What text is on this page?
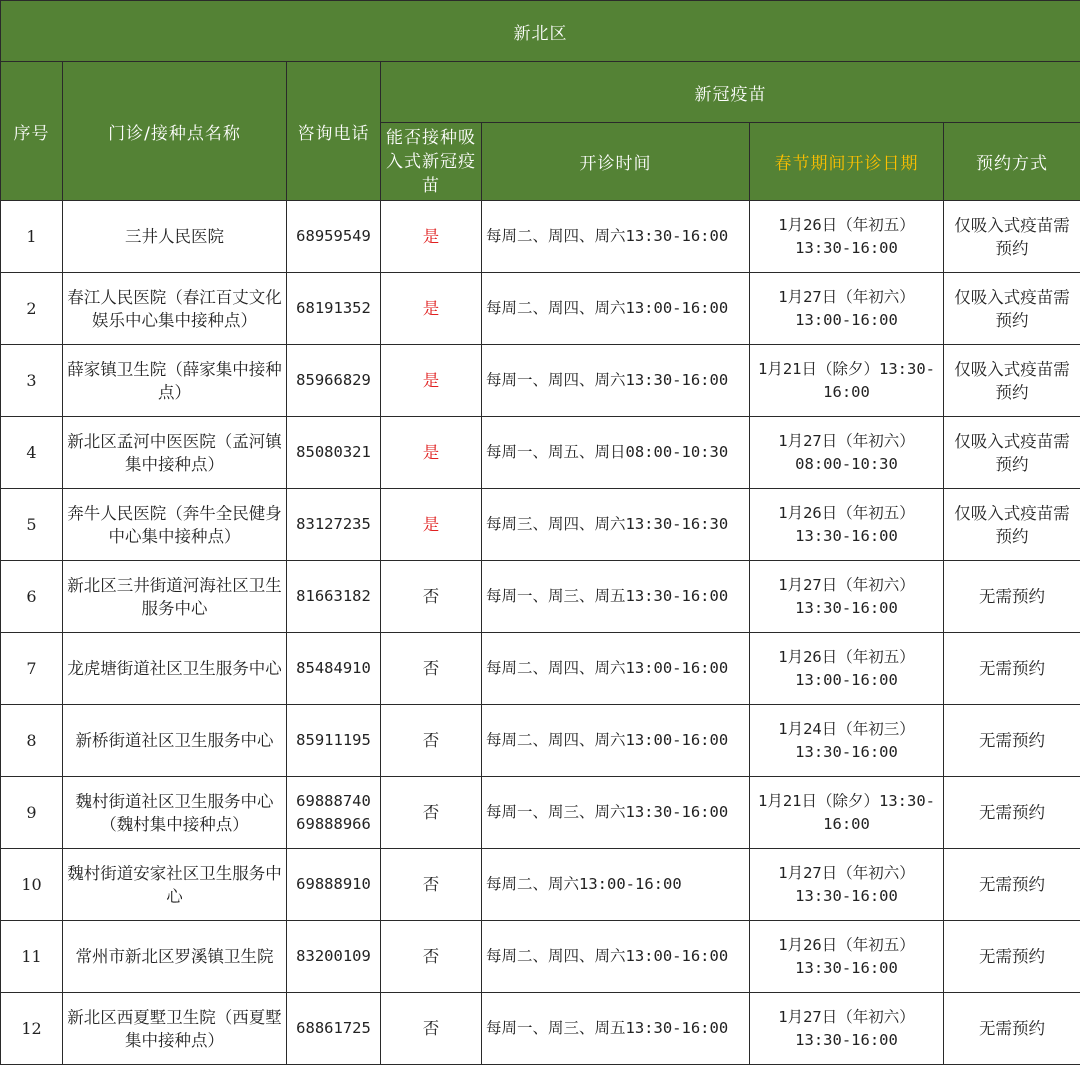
新北区						
序号	门诊/接种点名称	咨询电话	新冠疫苗			
			能否接种吸入式新冠疫苗	开诊时间	春节期间开诊日期	预约方式
1	三井人民医院	68959549	是	每周二、周四、周六13:30-16:00	1月26日（年初五）13:30-16:00	仅吸入式疫苗需预约
2	春江人民医院（春江百丈文化娱乐中心集中接种点）	68191352	是	每周二、周四、周六13:00-16:00	1月27日（年初六）13:00-16:00	仅吸入式疫苗需预约
3	薛家镇卫生院（薛家集中接种点）	85966829	是	每周一、周四、周六13:30-16:00	1月21日（除夕）13:30-16:00	仅吸入式疫苗需预约
4	新北区孟河中医医院（孟河镇集中接种点）	85080321	是	每周一、周五、周日08:00-10:30	1月27日（年初六）08:00-10:30	仅吸入式疫苗需预约
5	奔牛人民医院（奔牛全民健身中心集中接种点）	83127235	是	每周三、周四、周六13:30-16:30	1月26日（年初五）13:30-16:00	仅吸入式疫苗需预约
6	新北区三井街道河海社区卫生服务中心	81663182	否	每周一、周三、周五13:30-16:00	1月27日（年初六）13:30-16:00	无需预约
7	龙虎塘街道社区卫生服务中心	85484910	否	每周二、周四、周六13:00-16:00	1月26日（年初五）13:00-16:00	无需预约
8	新桥街道社区卫生服务中心	85911195	否	每周二、周四、周六13:00-16:00	1月24日（年初三）13:30-16:00	无需预约
9	魏村街道社区卫生服务中心（魏村集中接种点）	69888740 69888966	否	每周一、周三、周六13:30-16:00	1月21日（除夕）13:30-16:00	无需预约
10	魏村街道安家社区卫生服务中心	69888910	否	每周二、周六13:00-16:00	1月27日（年初六）13:30-16:00	无需预约
11	常州市新北区罗溪镇卫生院	83200109	否	每周二、周四、周六13:00-16:00	1月26日（年初五）13:30-16:00	无需预约
12	新北区西夏墅卫生院（西夏墅集中接种点）	68861725	否	每周一、周三、周五13:30-16:00	1月27日（年初六）13:30-16:00	无需预约
